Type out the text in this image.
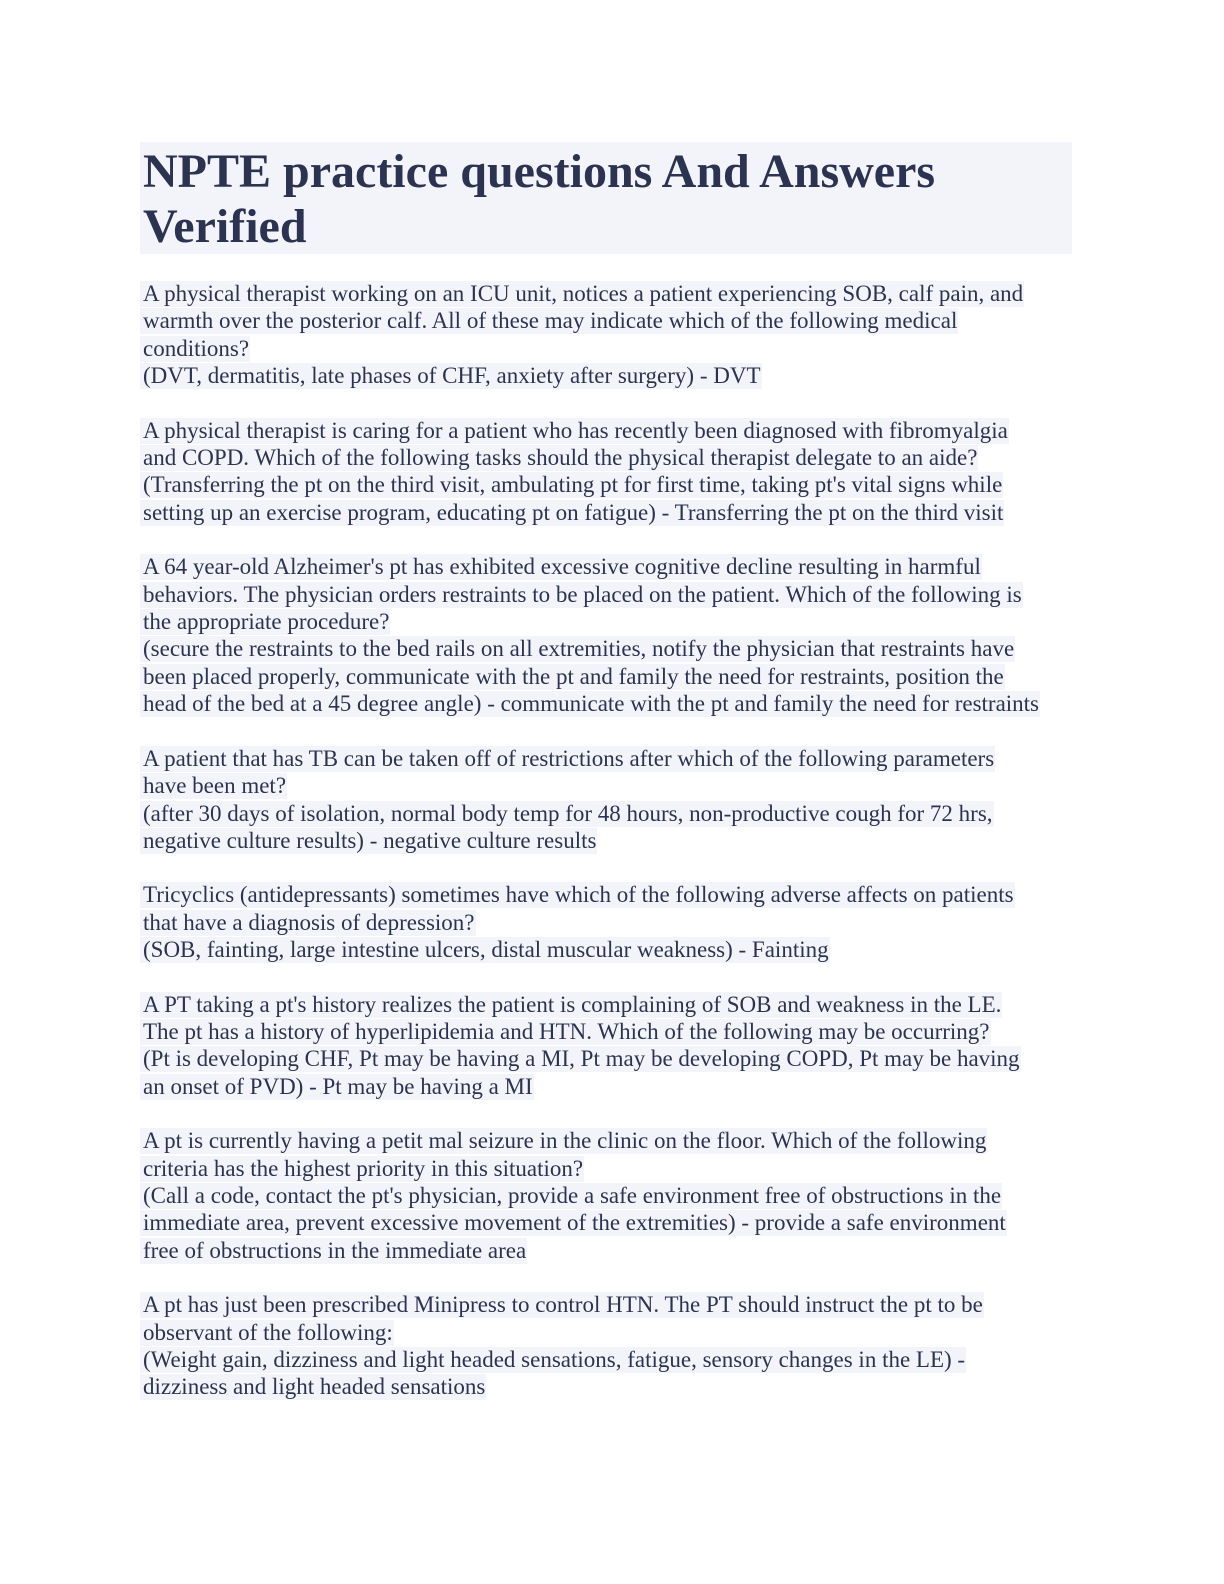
NPTE practice questions And Answers
Verified
A physical therapist working on an ICU unit, notices a patient experiencing SOB, calf pain, and
warmth over the posterior calf. All of these may indicate which of the following medical
conditions?
(DVT, dermatitis, late phases of CHF, anxiety after surgery) - DVT
A physical therapist is caring for a patient who has recently been diagnosed with fibromyalgia
and COPD. Which of the following tasks should the physical therapist delegate to an aide?
(Transferring the pt on the third visit, ambulating pt for first time, taking pt's vital signs while
setting up an exercise program, educating pt on fatigue) - Transferring the pt on the third visit
A 64 year-old Alzheimer's pt has exhibited excessive cognitive decline resulting in harmful
behaviors. The physician orders restraints to be placed on the patient. Which of the following is
the appropriate procedure?
(secure the restraints to the bed rails on all extremities, notify the physician that restraints have
been placed properly, communicate with the pt and family the need for restraints, position the
head of the bed at a 45 degree angle) - communicate with the pt and family the need for restraints
A patient that has TB can be taken off of restrictions after which of the following parameters
have been met?
(after 30 days of isolation, normal body temp for 48 hours, non-productive cough for 72 hrs,
negative culture results) - negative culture results
Tricyclics (antidepressants) sometimes have which of the following adverse affects on patients
that have a diagnosis of depression?
(SOB, fainting, large intestine ulcers, distal muscular weakness) - Fainting
A PT taking a pt's history realizes the patient is complaining of SOB and weakness in the LE.
The pt has a history of hyperlipidemia and HTN. Which of the following may be occurring?
(Pt is developing CHF, Pt may be having a MI, Pt may be developing COPD, Pt may be having
an onset of PVD) - Pt may be having a MI
A pt is currently having a petit mal seizure in the clinic on the floor. Which of the following
criteria has the highest priority in this situation?
(Call a code, contact the pt's physician, provide a safe environment free of obstructions in the
immediate area, prevent excessive movement of the extremities) - provide a safe environment
free of obstructions in the immediate area
A pt has just been prescribed Minipress to control HTN. The PT should instruct the pt to be
observant of the following:
(Weight gain, dizziness and light headed sensations, fatigue, sensory changes in the LE) -
dizziness and light headed sensations
